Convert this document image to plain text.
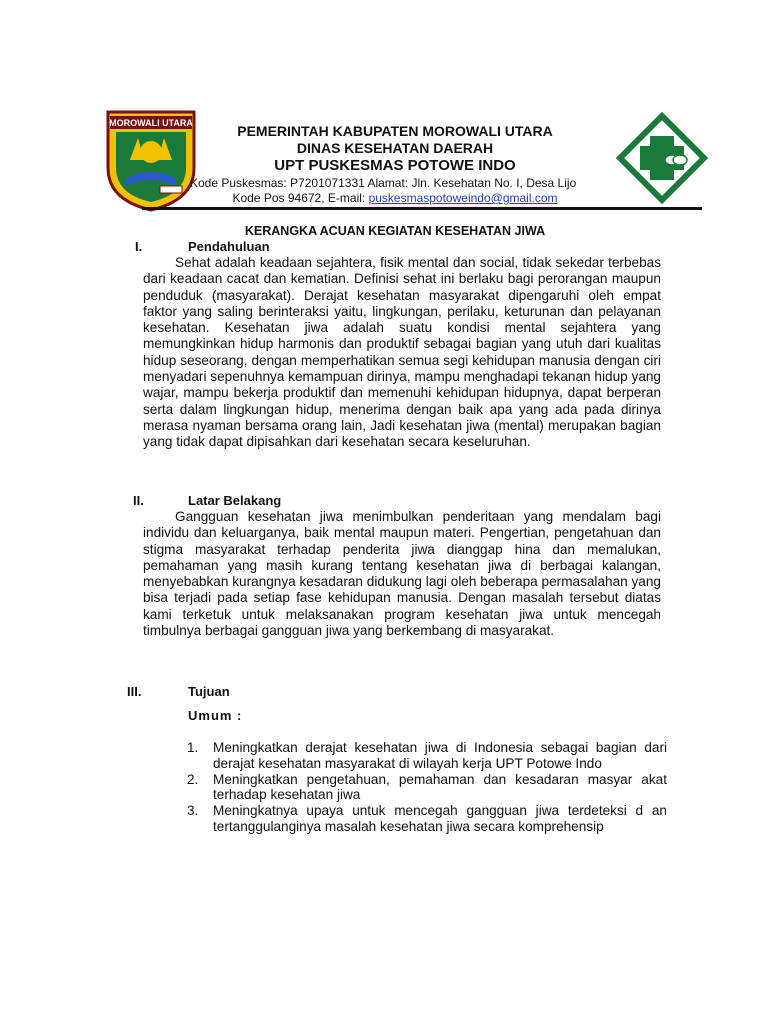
MOROWALI UTARA	PEMERINTAH KABUPATEN MOROWALI UTARA
DINAS KESEHATAN DAERAH
UPT PUSKESMAS POTOWE INDO
Kode Puskesmas: P7201071331 Alamat: Jln. Kesehatan No. I, Desa Lijo
Kode Pos 94672, E-mail: puskesmaspotoweindo@gmail.com
KERANGKA ACUAN KEGIATAN KESEHATAN JIWA
I.	Pendahuluan
Sehat adalah keadaan sejahtera, fisik mental dan social, tidak sekedar terbebas dari keadaan cacat dan kematian. Definisi sehat ini berlaku bagi perorangan maupun penduduk (masyarakat). Derajat kesehatan masyarakat dipengaruhi oleh empat faktor yang saling berinteraksi yaitu, lingkungan, perilaku, keturunan dan pelayanan kesehatan. Kesehatan jiwa adalah suatu kondisi mental sejahtera yang memungkinkan hidup harmonis dan produktif sebagai bagian yang utuh dari kualitas hidup seseorang, dengan memperhatikan semua segi kehidupan manusia dengan ciri menyadari sepenuhnya kemampuan dirinya, mampu menghadapi tekanan hidup yang wajar, mampu bekerja produktif dan memenuhi kehidupan hidupnya, dapat berperan serta dalam lingkungan hidup, menerima dengan baik apa yang ada pada dirinya merasa nyaman bersama orang lain, Jadi kesehatan jiwa (mental) merupakan bagian yang tidak dapat dipisahkan dari kesehatan secara keseluruhan.
II.	Latar Belakang
Gangguan kesehatan jiwa menimbulkan penderitaan yang mendalam bagi individu dan keluarganya, baik mental maupun materi. Pengertian, pengetahuan dan stigma masyarakat terhadap penderita jiwa dianggap hina dan memalukan, pemahaman yang masih kurang tentang kesehatan jiwa di berbagai kalangan, menyebabkan kurangnya kesadaran didukung lagi oleh beberapa permasalahan yang bisa terjadi pada setiap fase kehidupan manusia. Dengan masalah tersebut diatas kami terketuk untuk melaksanakan program kesehatan jiwa untuk mencegah timbulnya berbagai gangguan jiwa yang berkembang di masyarakat.
III.	Tujuan
Umum :
1.	Meningkatkan derajat kesehatan jiwa di Indonesia sebagai bagian dari derajat kesehatan masyarakat di wilayah kerja UPT Potowe Indo
2.	Meningkatkan pengetahuan, pemahaman dan kesadaran masyar akat terhadap kesehatan jiwa
3.	Meningkatnya upaya untuk mencegah gangguan jiwa terdeteksi d an tertanggulanginya masalah kesehatan jiwa secara komprehensip
